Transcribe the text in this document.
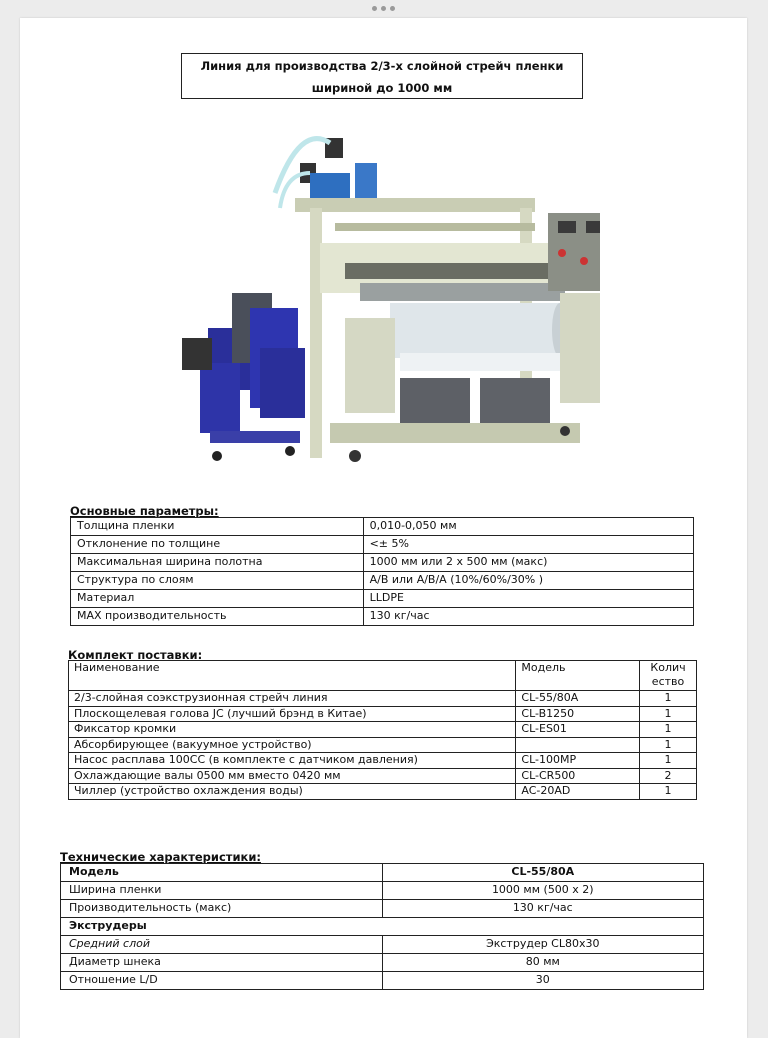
Линия для производства 2/3-х слойной стрейч пленки
шириной до 1000 мм
Основные параметры:
Толщина пленки	0,010-0,050 мм
Отклонение по толщине	<± 5%
Максимальная ширина полотна	1000 мм или 2 x 500 мм (макс)
Структура по слоям	A/B или A/B/A (10%/60%/30% )
Материал	LLDPE
MAX производительность	130 кг/час
Комплект поставки:
Наименование	Модель	Колич
ество
2/3-слойная соэкструзионная стрейч линия	CL-55/80A	1
Плоскощелевая голова JC (лучший брэнд в Китае)	CL-B1250	1
Фиксатор кромки	CL-ES01	1
Абсорбирующее (вакуумное устройство)		1
Насос расплава 100CC (в комплекте с датчиком давления)	CL-100MP	1
Охлаждающие валы 0500 мм вместо 0420 мм	CL-CR500	2
Чиллер (устройство охлаждения воды)	AC-20AD	1
Технические характеристики:
Модель	CL-55/80A
Ширина пленки	1000 мм (500 x 2)
Производительность (макс)	130 кг/час
Экструдеры	
Средний слой	Экструдер CL80x30
Диаметр шнека	80 мм
Отношение L/D	30
